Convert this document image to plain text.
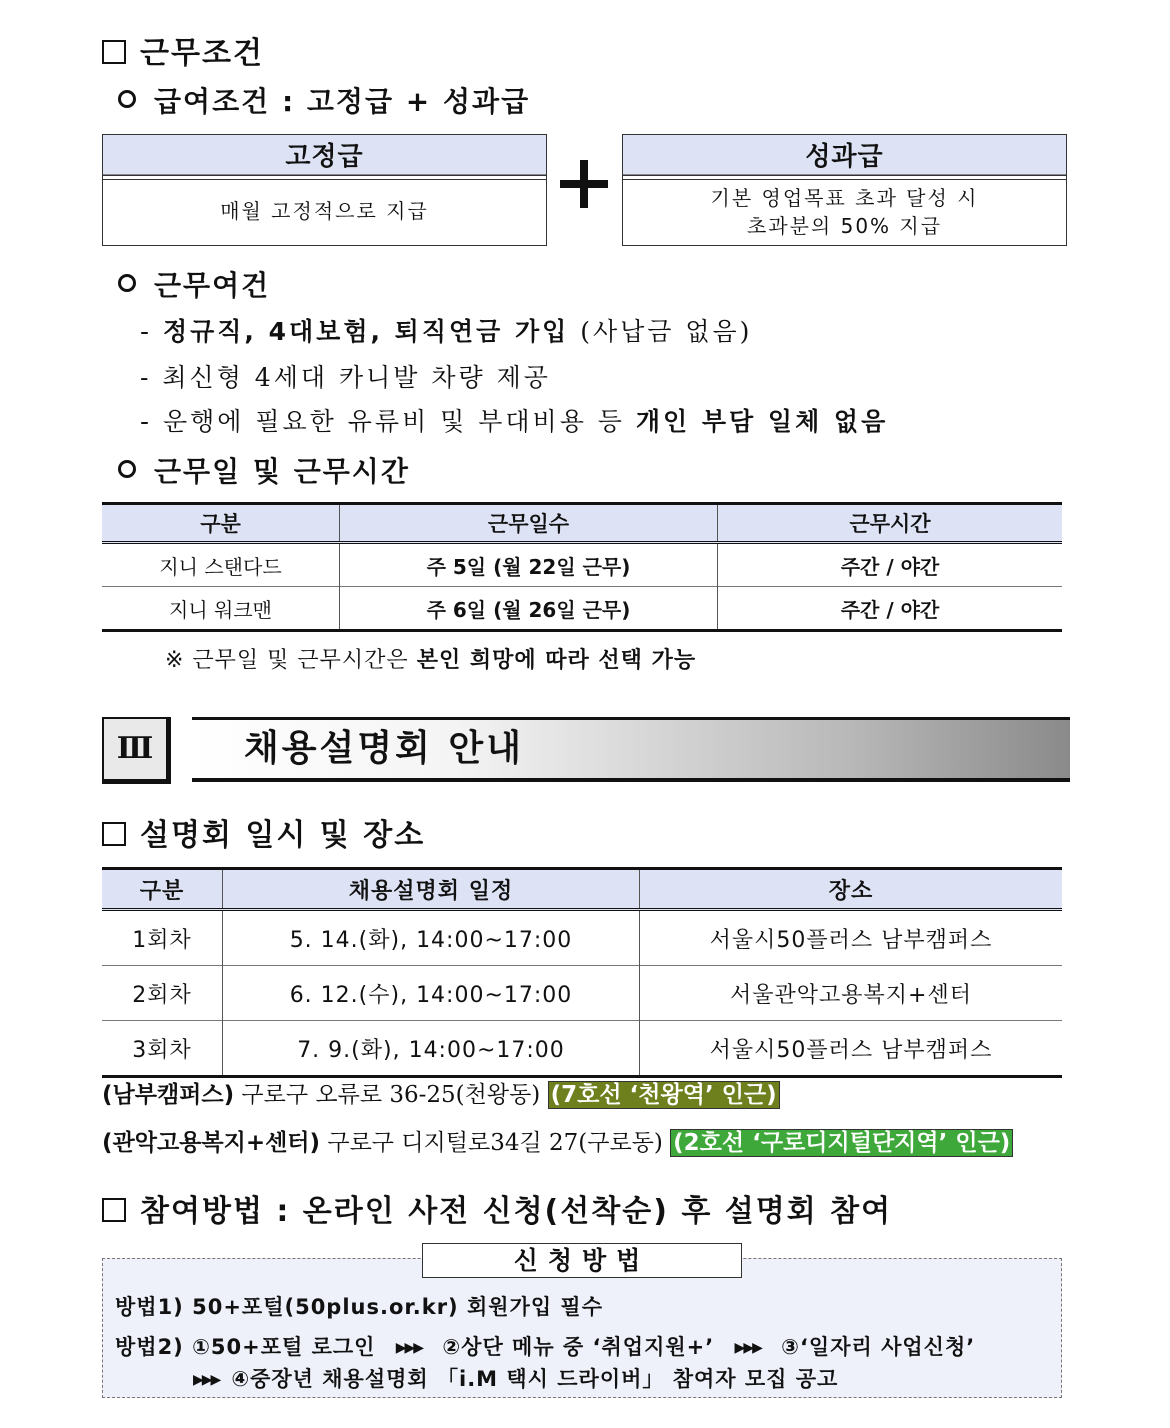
근무조건
급여조건 : 고정급 + 성과급
고정급
매월 고정적으로 지급
성과급
기본 영업목표 초과 달성 시
초과분의 50% 지급
근무여건
- 정규직, 4대보험, 퇴직연금 가입 (사납금 없음)
- 최신형 4세대 카니발 차량 제공
- 운행에 필요한 유류비 및 부대비용 등 개인 부담 일체 없음
근무일 및 근무시간
구분	근무일수	근무시간
지니 스탠다드	주 5일 (월 22일 근무)	주간 / 야간
지니 워크맨	주 6일 (월 26일 근무)	주간 / 야간
※ 근무일 및 근무시간은 본인 희망에 따라 선택 가능
Ⅲ	채용설명회 안내
설명회 일시 및 장소
구분	채용설명회 일정	장소
1회차	5. 14.(화), 14:00~17:00	서울시50플러스 남부캠퍼스
2회차	6. 12.(수), 14:00~17:00	서울관악고용복지+센터
3회차	7. 9.(화), 14:00~17:00	서울시50플러스 남부캠퍼스
(남부캠퍼스) 구로구 오류로 36-25(천왕동) (7호선 ‘천왕역’ 인근)
(관악고용복지+센터) 구로구 디지털로34길 27(구로동) (2호선 ‘구로디지털단지역’ 인근)
참여방법 : 온라인 사전 신청(선착순) 후 설명회 참여
방법1) 50+포털(50plus.or.kr) 회원가입 필수
방법2) ①50+포털 로그인 ▶▶▶ ②상단 메뉴 중 ‘취업지원+’ ▶▶▶ ③‘일자리 사업신청’
▶▶▶ ④중장년 채용설명회 「i.M 택시 드라이버」 참여자 모집 공고
신청방법
